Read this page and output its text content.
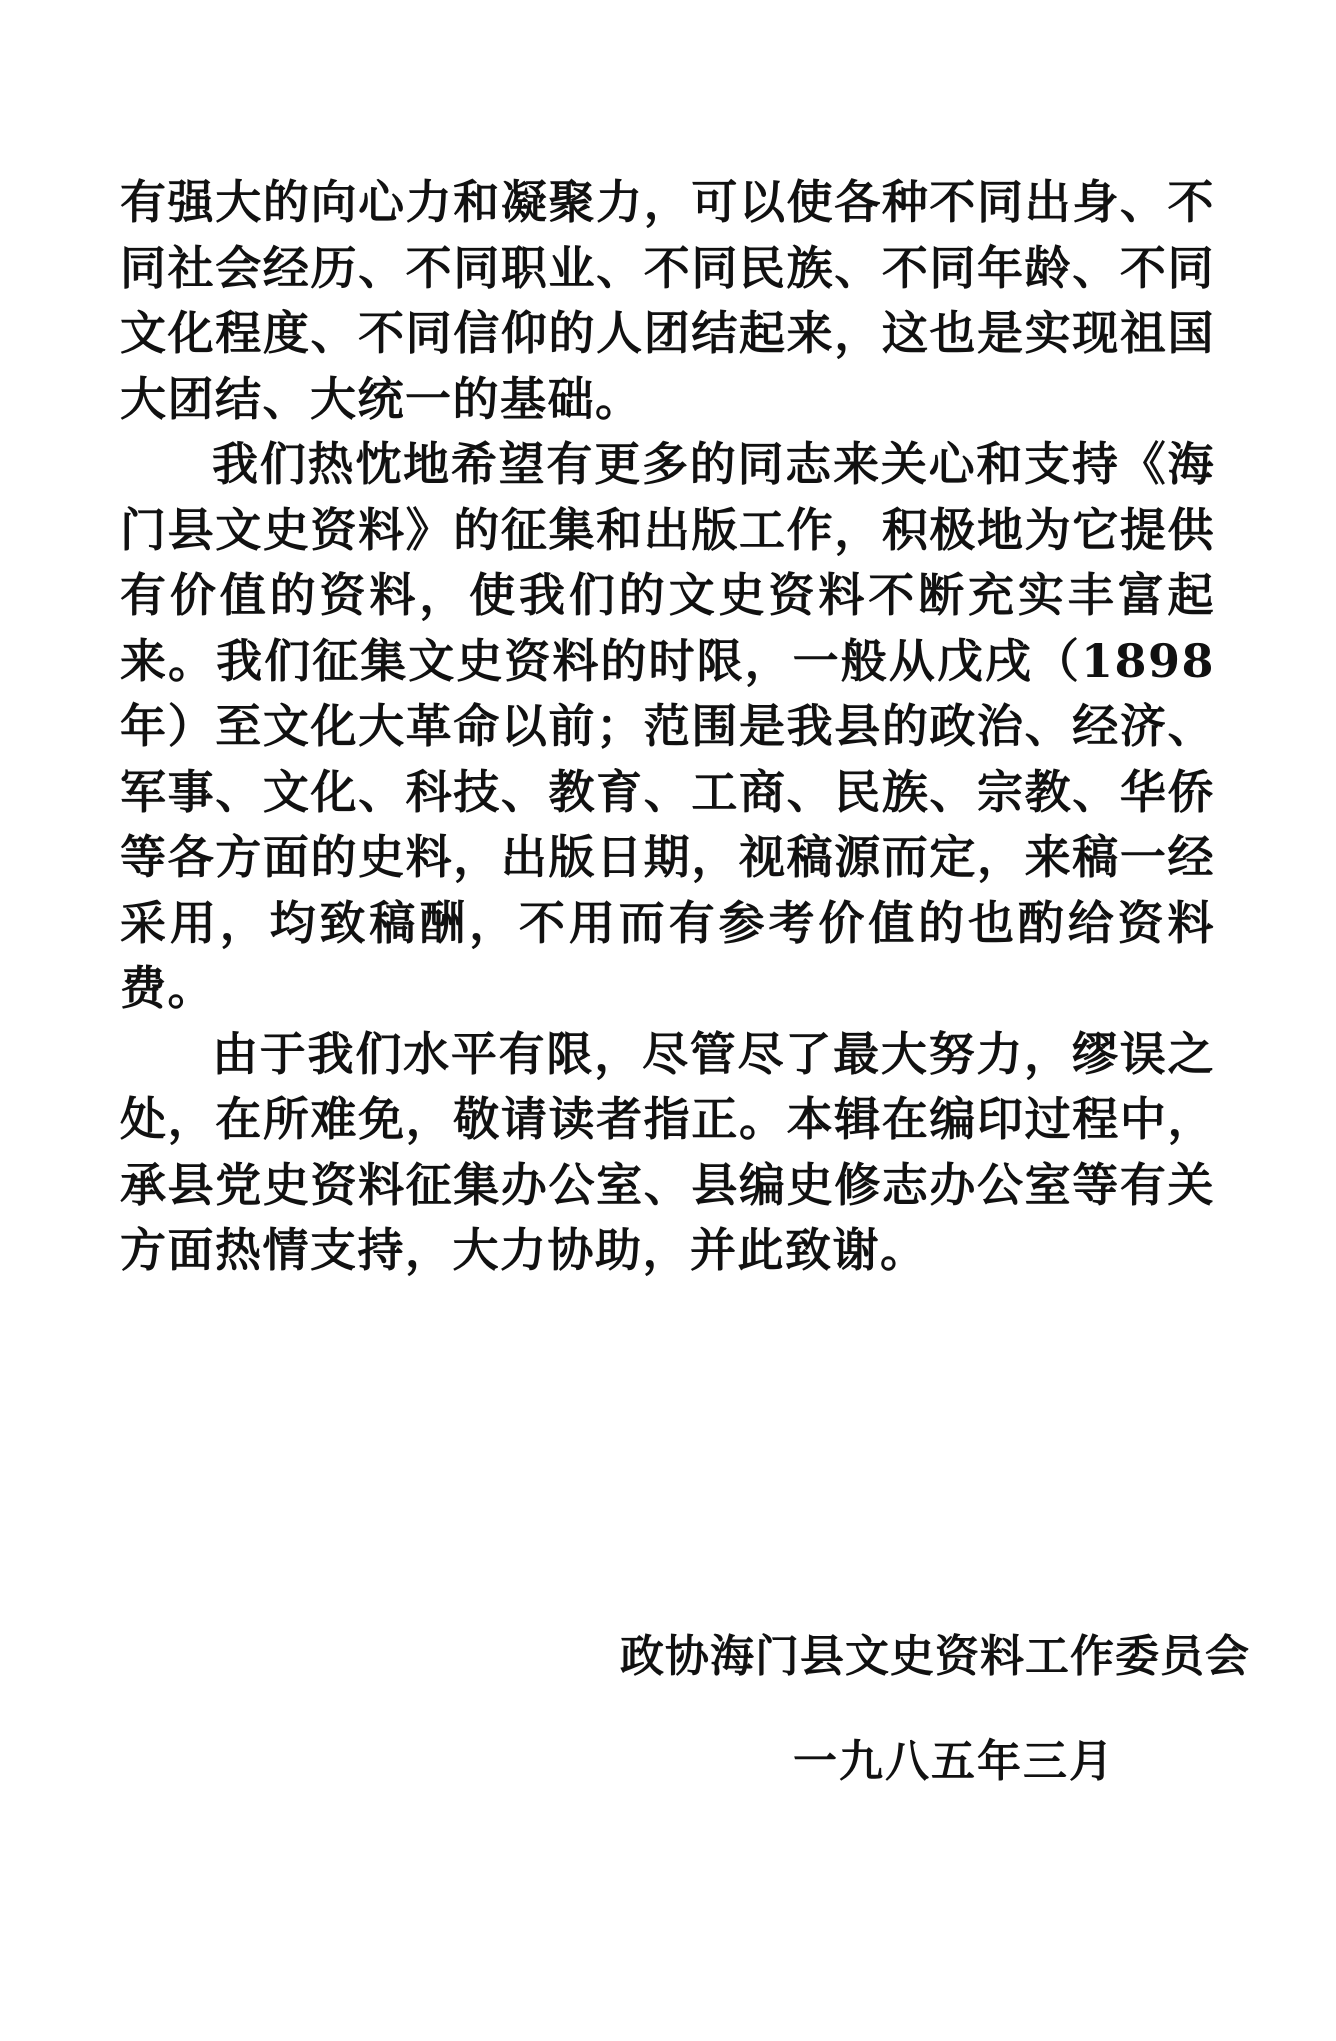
有强大的向心力和凝聚力，可以使各种不同出身、不同社会经历、不同职业、不同民族、不同年龄、不同文化程度、不同信仰的人团结起来，这也是实现祖国大团结、大统一的基础。

我们热忱地希望有更多的同志来关心和支持《海门县文史资料》的征集和出版工作，积极地为它提供有价值的资料，使我们的文史资料不断充实丰富起来。我们征集文史资料的时限，一般从戊戌（1898年）至文化大革命以前；范围是我县的政治、经济、军事、文化、科技、教育、工商、民族、宗教、华侨等各方面的史料，出版日期，视稿源而定，来稿一经采用，均致稿酬，不用而有参考价值的也酌给资料费。

由于我们水平有限，尽管尽了最大努力，缪误之处，在所难免，敬请读者指正。本辑在编印过程中，承县党史资料征集办公室、县编史修志办公室等有关方面热情支持，大力协助，并此致谢。

政协海门县文史资料工作委员会
一九八五年三月
